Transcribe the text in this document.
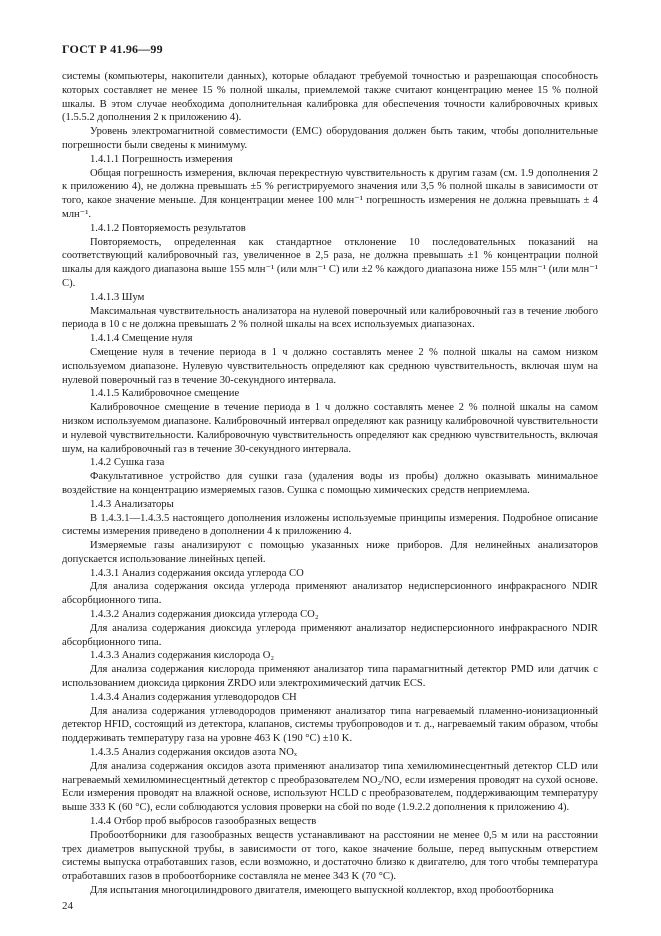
ГОСТ Р 41.96—99
системы (компьютеры, накопители данных), которые обладают требуемой точностью и разрешающая способность которых составляет не менее 15 % полной шкалы, приемлемой также считают концентрацию менее 15 % полной шкалы. В этом случае необходима дополнительная калибровка для обеспечения точности калибровочных кривых (1.5.5.2 дополнения 2 к приложению 4).
Уровень электромагнитной совместимости (EMC) оборудования должен быть таким, чтобы дополнительные погрешности были сведены к минимуму.
1.4.1.1 Погрешность измерения
Общая погрешность измерения, включая перекрестную чувствительность к другим газам (см. 1.9 дополнения 2 к приложению 4), не должна превышать ±5 % регистрируемого значения или 3,5 % полной шкалы в зависимости от того, какое значение меньше. Для концентрации менее 100 млн⁻¹ погрешность измерения не должна превышать ± 4 млн⁻¹.
1.4.1.2 Повторяемость результатов
Повторяемость, определенная как стандартное отклонение 10 последовательных показаний на соответствующий калибровочный газ, увеличенное в 2,5 раза, не должна превышать ±1 % концентрации полной шкалы для каждого диапазона выше 155 млн⁻¹ (или млн⁻¹ С) или ±2 % каждого диапазона ниже 155 млн⁻¹ (или млн⁻¹ С).
1.4.1.3 Шум
Максимальная чувствительность анализатора на нулевой поверочный или калибровочный газ в течение любого периода в 10 с не должна превышать 2 % полной шкалы на всех используемых диапазонах.
1.4.1.4 Смещение нуля
Смещение нуля в течение периода в 1 ч должно составлять менее 2 % полной шкалы на самом низком используемом диапазоне. Нулевую чувствительность определяют как среднюю чувствительность, включая шум на нулевой поверочный газ в течение 30-секундного интервала.
1.4.1.5 Калибровочное смещение
Калибровочное смещение в течение периода в 1 ч должно составлять менее 2 % полной шкалы на самом низком используемом диапазоне. Калибровочный интервал определяют как разницу калибровочной чувствительности и нулевой чувствительности. Калибровочную чувствительность определяют как среднюю чувствительность, включая шум, на калибровочный газ в течение 30-секундного интервала.
1.4.2 Сушка газа
Факультативное устройство для сушки газа (удаления воды из пробы) должно оказывать минимальное воздействие на концентрацию измеряемых газов. Сушка с помощью химических средств неприемлема.
1.4.3 Анализаторы
В 1.4.3.1—1.4.3.5 настоящего дополнения изложены используемые принципы измерения. Подробное описание системы измерения приведено в дополнении 4 к приложению 4.
Измеряемые газы анализируют с помощью указанных ниже приборов. Для нелинейных анализаторов допускается использование линейных цепей.
1.4.3.1 Анализ содержания оксида углерода CO
Для анализа содержания оксида углерода применяют анализатор недисперсионного инфракрасного NDIR абсорбционного типа.
1.4.3.2 Анализ содержания диоксида углерода CO₂
Для анализа содержания диоксида углерода применяют анализатор недисперсионного инфракрасного NDIR абсорбционного типа.
1.4.3.3 Анализ содержания кислорода O₂
Для анализа содержания кислорода применяют анализатор типа парамагнитный детектор PMD или датчик с использованием диоксида циркония ZRDO или электрохимический датчик ECS.
1.4.3.4 Анализ содержания углеводородов CH
Для анализа содержания углеводородов применяют анализатор типа нагреваемый пламенно-ионизационный детектор HFID, состоящий из детектора, клапанов, системы трубопроводов и т. д., нагреваемый таким образом, чтобы поддерживать температуру газа на уровне 463 K (190 °C) ±10 K.
1.4.3.5 Анализ содержания оксидов азота NOₓ
Для анализа содержания оксидов азота применяют анализатор типа хемилюминесцентный детектор CLD или нагреваемый хемилюминесцентный детектор с преобразователем NO₂/NO, если измерения проводят на сухой основе. Если измерения проводят на влажной основе, используют HCLD с преобразователем, поддерживающим температуру выше 333 K (60 °C), если соблюдаются условия проверки на сбой по воде (1.9.2.2 дополнения к приложению 4).
1.4.4 Отбор проб выбросов газообразных веществ
Пробоотборники для газообразных веществ устанавливают на расстоянии не менее 0,5 м или на расстоянии трех диаметров выпускной трубы, в зависимости от того, какое значение больше, перед выпускным отверстием системы выпуска отработавших газов, если возможно, и достаточно близко к двигателю, для того чтобы температура отработавших газов в пробоотборнике составляла не менее 343 K (70 °C).
Для испытания многоцилиндрового двигателя, имеющего выпускной коллектор, вход пробоотборника
24
